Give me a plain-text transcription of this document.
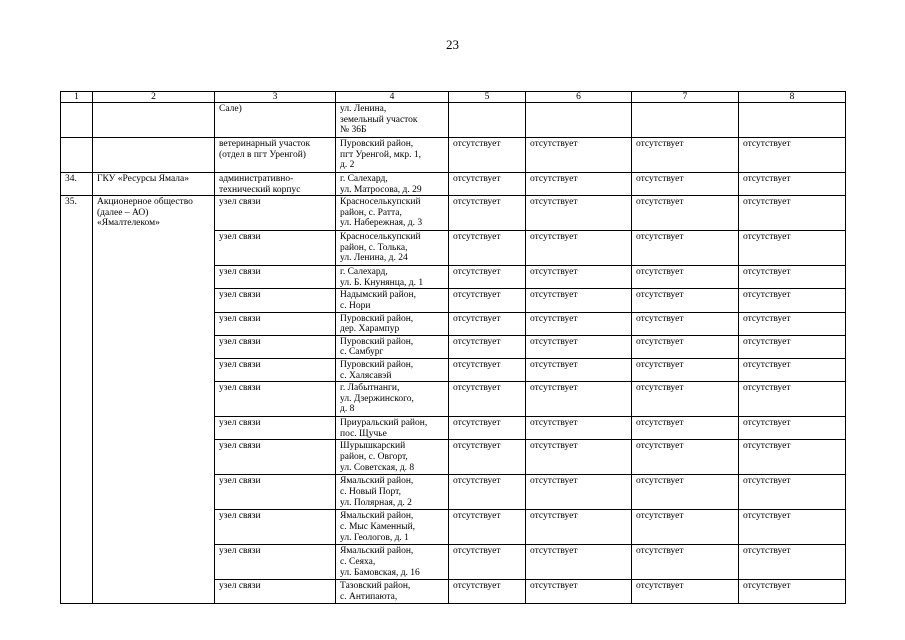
23
1	2	3	4	5	6	7	8
		Сале)	ул. Ленина,
земельный участок
№ 36Б				
		ветеринарный участок
(отдел в пгт Уренгой)	Пуровский район,
пгт Уренгой, мкр. 1,
д. 2	отсутствует	отсутствует	отсутствует	отсутствует
34.	ГКУ «Ресурсы Ямала»	административно-
технический корпус	г. Салехард,
ул. Матросова, д. 29	отсутствует	отсутствует	отсутствует	отсутствует
35.	Акционерное общество
(далее – АО)
«Ямалтелеком»	узел связи	Красноселькупский
район, с. Ратта,
ул. Набережная, д. 3	отсутствует	отсутствует	отсутствует	отсутствует
		узел связи	Красноселькупский
район, с. Толька,
ул. Ленина, д. 24	отсутствует	отсутствует	отсутствует	отсутствует
		узел связи	г. Салехард,
ул. Б. Кнунянца, д. 1	отсутствует	отсутствует	отсутствует	отсутствует
		узел связи	Надымский район,
с. Нори	отсутствует	отсутствует	отсутствует	отсутствует
		узел связи	Пуровский район,
дер. Харампур	отсутствует	отсутствует	отсутствует	отсутствует
		узел связи	Пуровский район,
с. Самбург	отсутствует	отсутствует	отсутствует	отсутствует
		узел связи	Пуровский район,
с. Халясавэй	отсутствует	отсутствует	отсутствует	отсутствует
		узел связи	г. Лабытнанги,
ул. Дзержинского,
д. 8	отсутствует	отсутствует	отсутствует	отсутствует
		узел связи	Приуральский район,
пос. Щучье	отсутствует	отсутствует	отсутствует	отсутствует
		узел связи	Шурышкарский
район, с. Овгорт,
ул. Советская, д. 8	отсутствует	отсутствует	отсутствует	отсутствует
		узел связи	Ямальский район,
с. Новый Порт,
ул. Полярная, д. 2	отсутствует	отсутствует	отсутствует	отсутствует
		узел связи	Ямальский район,
с. Мыс Каменный,
ул. Геологов, д. 1	отсутствует	отсутствует	отсутствует	отсутствует
		узел связи	Ямальский район,
с. Сеяха,
ул. Бамовская, д. 16	отсутствует	отсутствует	отсутствует	отсутствует
		узел связи	Тазовский район,
с. Антипаюта,	отсутствует	отсутствует	отсутствует	отсутствует
